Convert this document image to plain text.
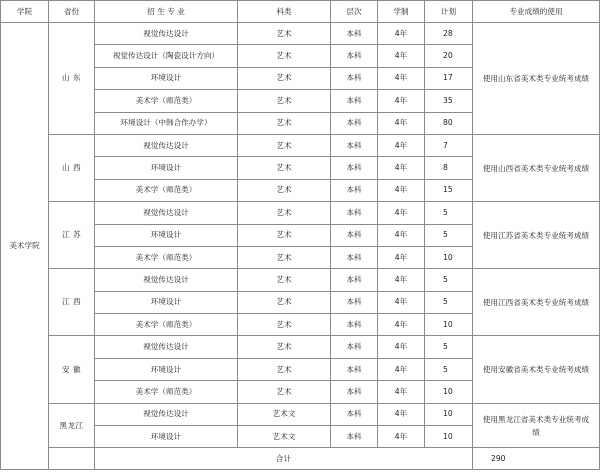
学院	省份	招 生 专 业	科类	层次	学制	计划	专业成绩的使用	
美术学院	山 东	视觉传达设计	艺术	本科	4年	28	使用山东省美术类专业统考成绩	
		视觉传达设计（陶瓷设计方向）	艺术	本科	4年	20		
		环境设计	艺术	本科	4年	17		
		美术学（师范类）	艺术	本科	4年	35		
		环境设计（中韩合作办学）	艺术	本科	4年	80		
	山 西	视觉传达设计	艺术	本科	4年	7	使用山西省美术类专业统考成绩	
		环境设计	艺术	本科	4年	8		
		美术学（师范类）	艺术	本科	4年	15		
	江 苏	视觉传达设计	艺术	本科	4年	5	使用江苏省美术类专业统考成绩	
		环境设计	艺术	本科	4年	5		
		美术学（师范类）	艺术	本科	4年	10		
	江 西	视觉传达设计	艺术	本科	4年	5	使用江西省美术类专业统考成绩	
		环境设计	艺术	本科	4年	5		
		美术学（师范类）	艺术	本科	4年	10		
	安 徽	视觉传达设计	艺术	本科	4年	5	使用安徽省美术类专业统考成绩	
		环境设计	艺术	本科	4年	5		
		美术学（师范类）	艺术	本科	4年	10		
	黑龙江	视觉传达设计	艺术文	本科	4年	10	使用黑龙江省美术类专业统考成绩	
		环境设计	艺术文	本科	4年	10		
		合计					290	
